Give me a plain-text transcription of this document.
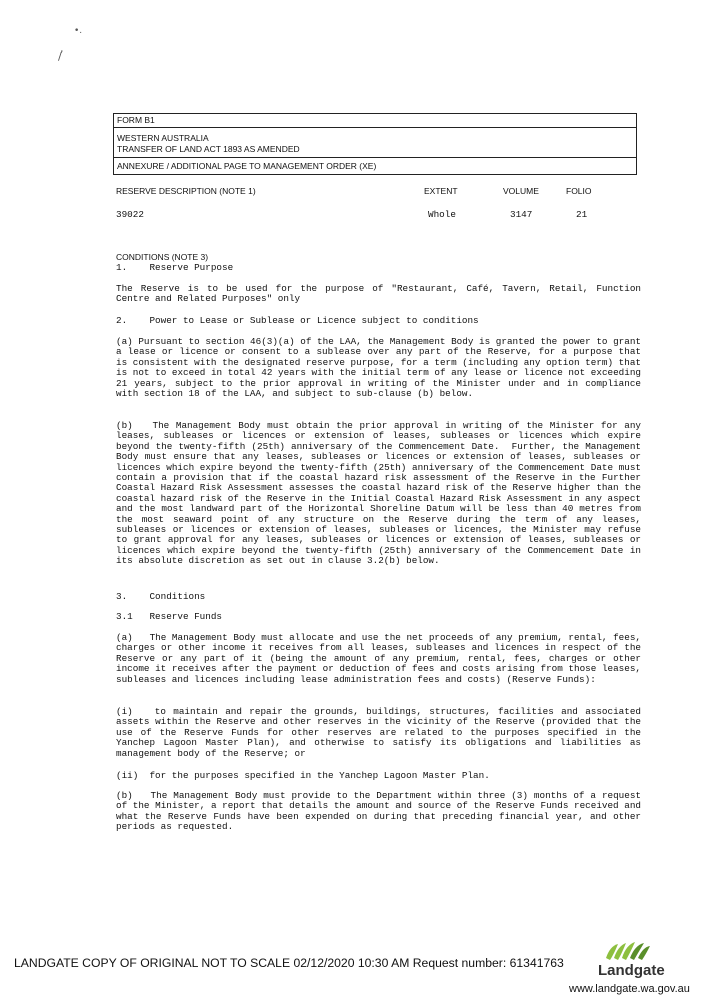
•.
,
/
FORM B1
WESTERN AUSTRALIA
TRANSFER OF LAND ACT 1893 AS AMENDED
ANNEXURE / ADDITIONAL PAGE TO MANAGEMENT ORDER (XE)
RESERVE DESCRIPTION (NOTE 1)	EXTENT	VOLUME	FOLIO
39022	Whole	3147	21
CONDITIONS (NOTE 3)
1.    Reserve Purpose
The Reserve is to be used for the purpose of "Restaurant, Café, Tavern, Retail, Function Centre and Related Purposes" only
2.    Power to Lease or Sublease or Licence subject to conditions
(a) Pursuant to section 46(3)(a) of the LAA, the Management Body is granted the power to grant a lease or licence or consent to a sublease over any part of the Reserve, for a purpose that is consistent with the designated reserve purpose, for a term (including any option term) that is not to exceed in total 42 years with the initial term of any lease or licence not exceeding 21 years, subject to the prior approval in writing of the Minister under and in compliance with section 18 of the LAA, and subject to sub-clause (b) below.
(b)   The Management Body must obtain the prior approval in writing of the Minister for any leases, subleases or licences or extension of leases, subleases or licences which expire beyond the twenty-fifth (25th) anniversary of the Commencement Date.  Further, the Management Body must ensure that any leases, subleases or licences or extension of leases, subleases or licences which expire beyond the twenty-fifth (25th) anniversary of the Commencement Date must contain a provision that if the coastal hazard risk assessment of the Reserve in the Further Coastal Hazard Risk Assessment assesses the coastal hazard risk of the Reserve higher than the coastal hazard risk of the Reserve in the Initial Coastal Hazard Risk Assessment in any aspect and the most landward part of the Horizontal Shoreline Datum will be less than 40 metres from the most seaward point of any structure on the Reserve during the term of any leases, subleases or licences or extension of leases, subleases or licences, the Minister may refuse to grant approval for any leases, subleases or licences or extension of leases, subleases or licences which expire beyond the twenty-fifth (25th) anniversary of the Commencement Date in its absolute discretion as set out in clause 3.2(b) below.
3.    Conditions
3.1   Reserve Funds
(a)   The Management Body must allocate and use the net proceeds of any premium, rental, fees, charges or other income it receives from all leases, subleases and licences in respect of the Reserve or any part of it (being the amount of any premium, rental, fees, charges or other income it receives after the payment or deduction of fees and costs arising from those leases, subleases and licences including lease administration fees and costs) (Reserve Funds):
(i)   to maintain and repair the grounds, buildings, structures, facilities and associated assets within the Reserve and other reserves in the vicinity of the Reserve (provided that the use of the Reserve Funds for other reserves are related to the purposes specified in the Yanchep Lagoon Master Plan), and otherwise to satisfy its obligations and liabilities as management body of the Reserve; or
(ii)  for the purposes specified in the Yanchep Lagoon Master Plan.
(b)   The Management Body must provide to the Department within three (3) months of a request of the Minister, a report that details the amount and source of the Reserve Funds received and what the Reserve Funds have been expended on during that preceding financial year, and other periods as requested.
LANDGATE COPY OF ORIGINAL NOT TO SCALE 02/12/2020 10:30 AM Request number: 61341763 Landgate
www.landgate.wa.gov.au
